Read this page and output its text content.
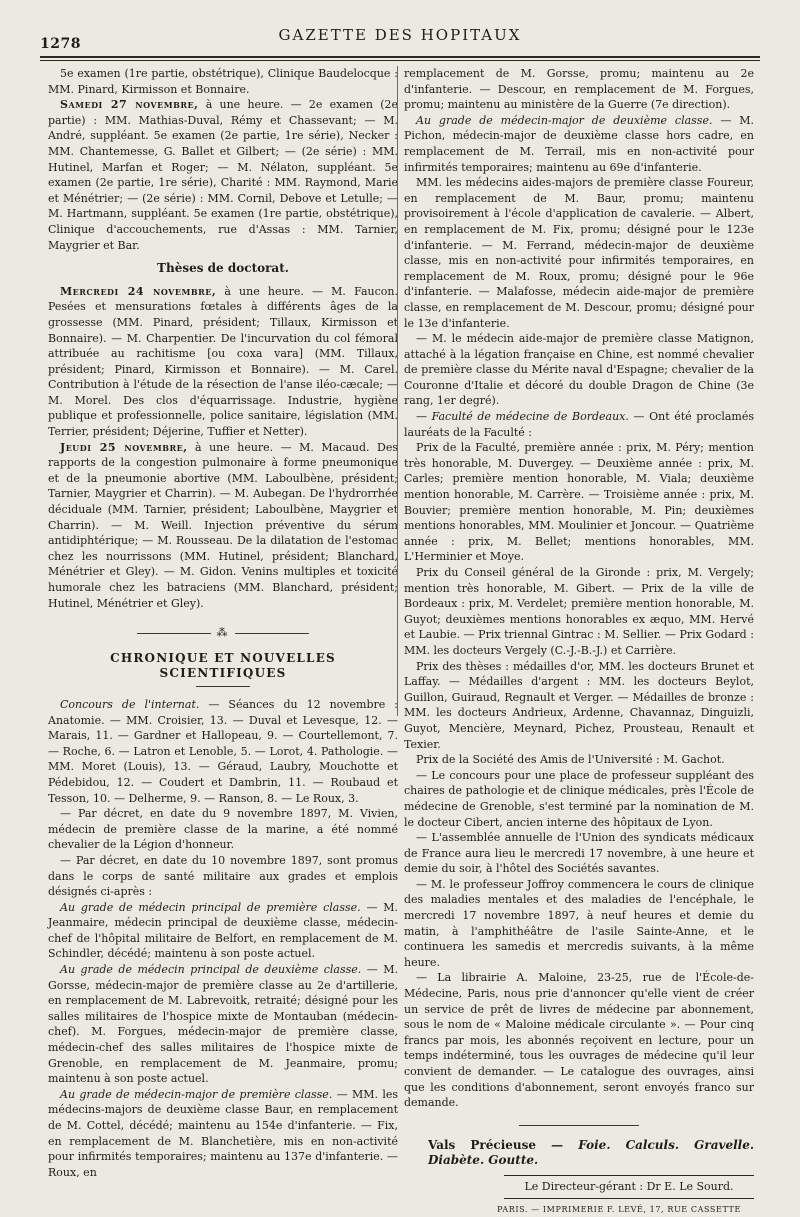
1278	GAZETTE DES HOPITAUX

5e examen (1re partie, obstétrique), Clinique Baudelocque : MM. Pinard, Kirmisson et Bonnaire.

Samedi 27 novembre, à une heure. — 2e examen (2e partie) : MM. Mathias-Duval, Rémy et Chassevant; — M. André, suppléant. 5e examen (2e partie, 1re série), Necker : MM. Chantemesse, G. Ballet et Gilbert; — (2e série) : MM. Hutinel, Marfan et Roger; — M. Nélaton, suppléant. 5e examen (2e partie, 1re série), Charité : MM. Raymond, Marie et Ménétrier; — (2e série) : MM. Cornil, Debove et Letulle; — M. Hartmann, suppléant. 5e examen (1re partie, obstétrique), Clinique d'accouchements, rue d'Assas : MM. Tarnier, Maygrier et Bar.

Thèses de doctorat.

Mercredi 24 novembre, à une heure. — M. Faucon. Pesées et mensurations fœtales à différents âges de la grossesse (MM. Pinard, président; Tillaux, Kirmisson et Bonnaire). — M. Charpentier. De l'incurvation du col fémoral attribuée au rachitisme [ou coxa vara] (MM. Tillaux, président; Pinard, Kirmisson et Bonnaire). — M. Carel. Contribution à l'étude de la résection de l'anse iléo-cæcale; — M. Morel. Des clos d'équarrissage. Industrie, hygiène publique et professionnelle, police sanitaire, législation (MM. Terrier, président; Déjerine, Tuffier et Netter).

Jeudi 25 novembre, à une heure. — M. Macaud. Des rapports de la congestion pulmonaire à forme pneumonique et de la pneumonie abortive (MM. Laboulbène, président; Tarnier, Maygrier et Charrin). — M. Aubegan. De l'hydrorrhée déciduale (MM. Tarnier, président; Laboulbène, Maygrier et Charrin). — M. Weill. Injection préventive du sérum antidiphtérique; — M. Rousseau. De la dilatation de l'estomac chez les nourrissons (MM. Hutinel, président; Blanchard, Ménétrier et Gley). — M. Gidon. Venins multiples et toxicité humorale chez les batraciens (MM. Blanchard, président; Hutinel, Ménétrier et Gley).

⁂
CHRONIQUE ET NOUVELLES SCIENTIFIQUES

Concours de l'internat. — Séances du 12 novembre : Anatomie. — MM. Croisier, 13. — Duval et Levesque, 12. — Marais, 11. — Gardner et Hallopeau, 9. — Courtellemont, 7. — Roche, 6. — Latron et Lenoble, 5. — Lorot, 4. Pathologie. — MM. Moret (Louis), 13. — Géraud, Laubry, Mouchotte et Pédebidou, 12. — Coudert et Dambrin, 11. — Roubaud et Tesson, 10. — Delherme, 9. — Ranson, 8. — Le Roux, 3.

— Par décret, en date du 9 novembre 1897, M. Vivien, médecin de première classe de la marine, a été nommé chevalier de la Légion d'honneur.

— Par décret, en date du 10 novembre 1897, sont promus dans le corps de santé militaire aux grades et emplois désignés ci-après :

Au grade de médecin principal de première classe. — M. Jeanmaire, médecin principal de deuxième classe, médecin-chef de l'hôpital militaire de Belfort, en remplacement de M. Schindler, décédé; maintenu à son poste actuel.

Au grade de médecin principal de deuxième classe. — M. Gorsse, médecin-major de première classe au 2e d'artillerie, en remplacement de M. Labrevoitk, retraité; désigné pour les salles militaires de l'hospice mixte de Montauban (médecin-chef). M. Forgues, médecin-major de première classe, médecin-chef des salles militaires de l'hospice mixte de Grenoble, en remplacement de M. Jeanmaire, promu; maintenu à son poste actuel.

Au grade de médecin-major de première classe. — MM. les médecins-majors de deuxième classe Baur, en remplacement de M. Cottel, décédé; maintenu au 154e d'infanterie. — Fix, en remplacement de M. Blanchetière, mis en non-activité pour infirmités temporaires; maintenu au 137e d'infanterie. — Roux, en

remplacement de M. Gorsse, promu; maintenu au 2e d'infanterie. — Descour, en remplacement de M. Forgues, promu; maintenu au ministère de la Guerre (7e direction).

Au grade de médecin-major de deuxième classe. — M. Pichon, médecin-major de deuxième classe hors cadre, en remplacement de M. Terrail, mis en non-activité pour infirmités temporaires; maintenu au 69e d'infanterie.

MM. les médecins aides-majors de première classe Foureur, en remplacement de M. Baur, promu; maintenu provisoirement à l'école d'application de cavalerie. — Albert, en remplacement de M. Fix, promu; désigné pour le 123e d'infanterie. — M. Ferrand, médecin-major de deuxième classe, mis en non-activité pour infirmités temporaires, en remplacement de M. Roux, promu; désigné pour le 96e d'infanterie. — Malafosse, médecin aide-major de première classe, en remplacement de M. Descour, promu; désigné pour le 13e d'infanterie.

— M. le médecin aide-major de première classe Matignon, attaché à la légation française en Chine, est nommé chevalier de première classe du Mérite naval d'Espagne; chevalier de la Couronne d'Italie et décoré du double Dragon de Chine (3e rang, 1er degré).

— Faculté de médecine de Bordeaux. — Ont été proclamés lauréats de la Faculté :

Prix de la Faculté, première année : prix, M. Péry; mention très honorable, M. Duvergey. — Deuxième année : prix, M. Carles; première mention honorable, M. Viala; deuxième mention honorable, M. Carrère. — Troisième année : prix, M. Bouvier; première mention honorable, M. Pin; deuxièmes mentions honorables, MM. Moulinier et Joncour. — Quatrième année : prix, M. Bellet; mentions honorables, MM. L'Herminier et Moye.

Prix du Conseil général de la Gironde : prix, M. Vergely; mention très honorable, M. Gibert. — Prix de la ville de Bordeaux : prix, M. Verdelet; première mention honorable, M. Guyot; deuxièmes mentions honorables ex æquo, MM. Hervé et Laubie. — Prix triennal Gintrac : M. Sellier. — Prix Godard : MM. les docteurs Vergely (C.-J.-B.-J.) et Carrière.

Prix des thèses : médailles d'or, MM. les docteurs Brunet et Laffay. — Médailles d'argent : MM. les docteurs Beylot, Guillon, Guiraud, Regnault et Verger. — Médailles de bronze : MM. les docteurs Andrieux, Ardenne, Chavannaz, Dinguizli, Guyot, Mencière, Meynard, Pichez, Prousteau, Renault et Texier.

Prix de la Société des Amis de l'Université : M. Gachot.

— Le concours pour une place de professeur suppléant des chaires de pathologie et de clinique médicales, près l'École de médecine de Grenoble, s'est terminé par la nomination de M. le docteur Cibert, ancien interne des hôpitaux de Lyon.

— L'assemblée annuelle de l'Union des syndicats médicaux de France aura lieu le mercredi 17 novembre, à une heure et demie du soir, à l'hôtel des Sociétés savantes.

— M. le professeur Joffroy commencera le cours de clinique des maladies mentales et des maladies de l'encéphale, le mercredi 17 novembre 1897, à neuf heures et demie du matin, à l'amphithéâtre de l'asile Sainte-Anne, et le continuera les samedis et mercredis suivants, à la même heure.

— La librairie A. Maloine, 23-25, rue de l'École-de-Médecine, Paris, nous prie d'annoncer qu'elle vient de créer un service de prêt de livres de médecine par abonnement, sous le nom de « Maloine médicale circulante ». — Pour cinq francs par mois, les abonnés reçoivent en lecture, pour un temps indéterminé, tous les ouvrages de médecine qu'il leur convient de demander. — Le catalogue des ouvrages, ainsi que les conditions d'abonnement, seront envoyés franco sur demande.

Vals Précieuse — Foie. Calculs. Gravelle. Diabète. Goutte.
Le Directeur-gérant : Dr E. Le Sourd.
PARIS. — IMPRIMERIE F. LEVÉ, 17, RUE CASSETTE
